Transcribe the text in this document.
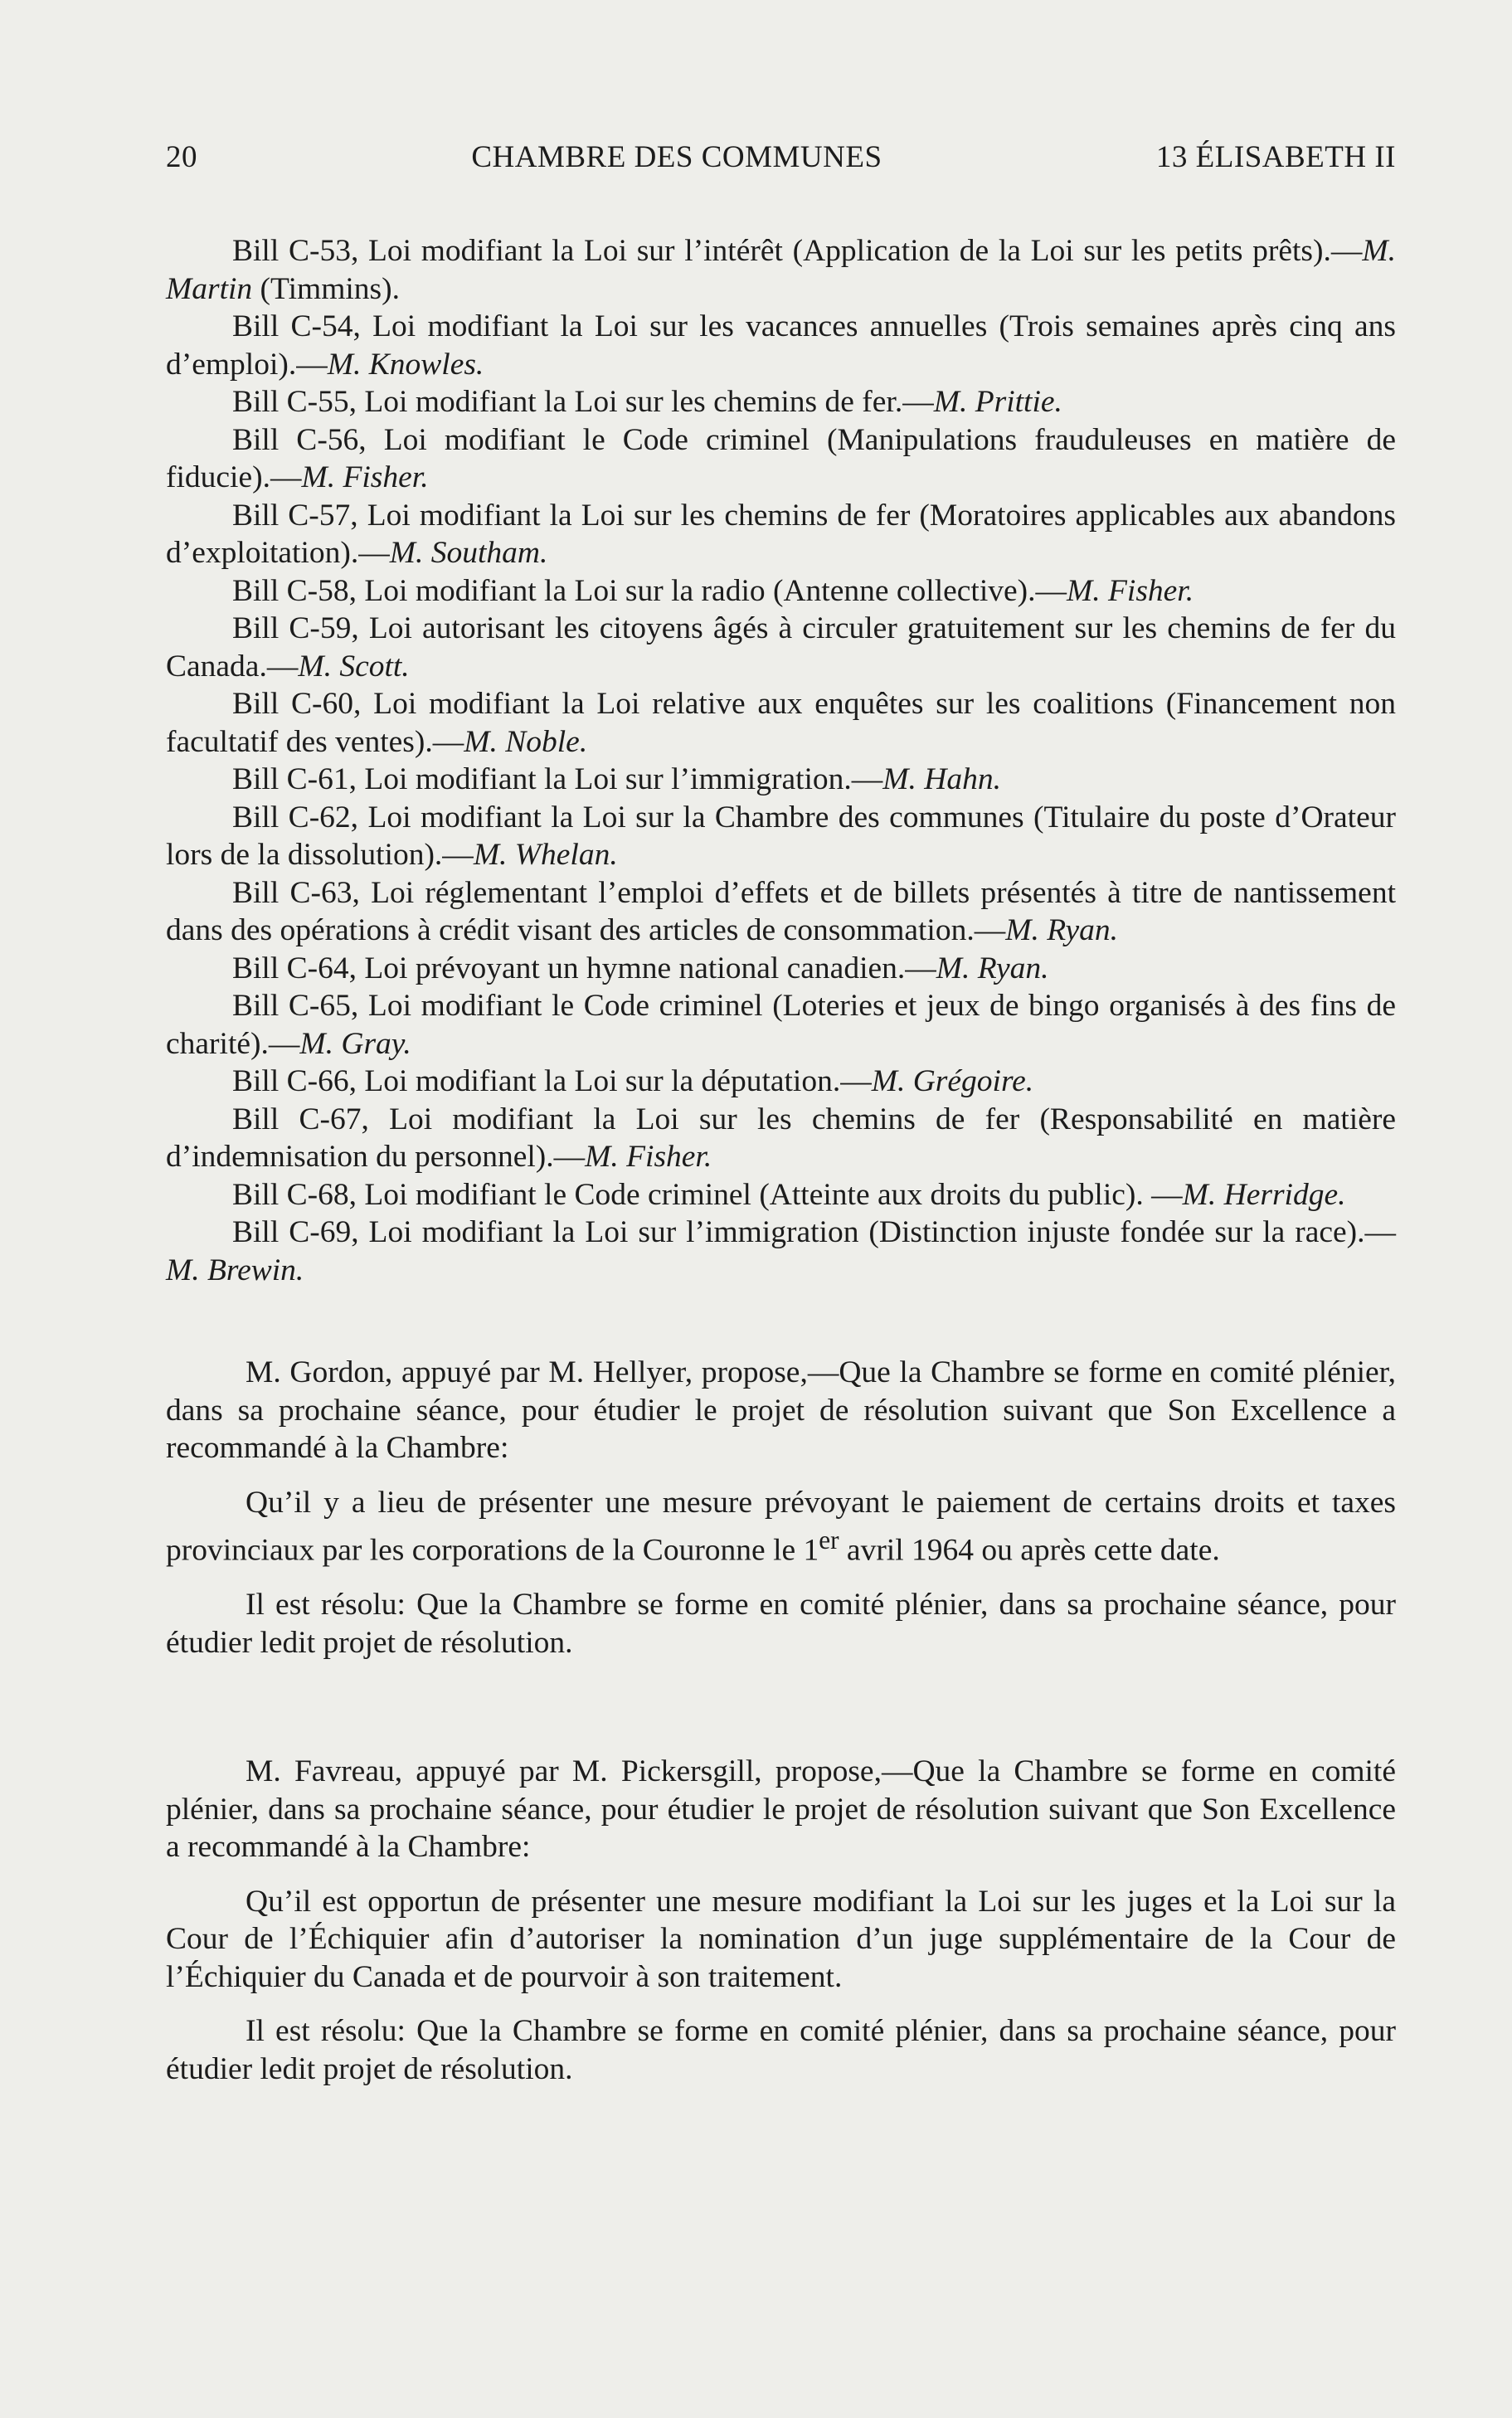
20	CHAMBRE DES COMMUNES	13 ÉLISABETH II

Bill C-53, Loi modifiant la Loi sur l’intérêt (Application de la Loi sur les petits prêts).—M. Martin (Timmins).

Bill C-54, Loi modifiant la Loi sur les vacances annuelles (Trois semaines après cinq ans d’emploi).—M. Knowles.

Bill C-55, Loi modifiant la Loi sur les chemins de fer.—M. Prittie.

Bill C-56, Loi modifiant le Code criminel (Manipulations frauduleuses en matière de fiducie).—M. Fisher.

Bill C-57, Loi modifiant la Loi sur les chemins de fer (Moratoires applicables aux abandons d’exploitation).—M. Southam.

Bill C-58, Loi modifiant la Loi sur la radio (Antenne collective).—M. Fisher.

Bill C-59, Loi autorisant les citoyens âgés à circuler gratuitement sur les chemins de fer du Canada.—M. Scott.

Bill C-60, Loi modifiant la Loi relative aux enquêtes sur les coalitions (Financement non facultatif des ventes).—M. Noble.

Bill C-61, Loi modifiant la Loi sur l’immigration.—M. Hahn.

Bill C-62, Loi modifiant la Loi sur la Chambre des communes (Titulaire du poste d’Orateur lors de la dissolution).—M. Whelan.

Bill C-63, Loi réglementant l’emploi d’effets et de billets présentés à titre de nantissement dans des opérations à crédit visant des articles de consommation.—M. Ryan.

Bill C-64, Loi prévoyant un hymne national canadien.—M. Ryan.

Bill C-65, Loi modifiant le Code criminel (Loteries et jeux de bingo organisés à des fins de charité).—M. Gray.

Bill C-66, Loi modifiant la Loi sur la députation.—M. Grégoire.

Bill C-67, Loi modifiant la Loi sur les chemins de fer (Responsabilité en matière d’indemnisation du personnel).—M. Fisher.

Bill C-68, Loi modifiant le Code criminel (Atteinte aux droits du public). —M. Herridge.

Bill C-69, Loi modifiant la Loi sur l’immigration (Distinction injuste fondée sur la race).—M. Brewin.

M. Gordon, appuyé par M. Hellyer, propose,—Que la Chambre se forme en comité plénier, dans sa prochaine séance, pour étudier le projet de résolution suivant que Son Excellence a recommandé à la Chambre:

Qu’il y a lieu de présenter une mesure prévoyant le paiement de certains droits et taxes provinciaux par les corporations de la Couronne le 1er avril 1964 ou après cette date.

Il est résolu: Que la Chambre se forme en comité plénier, dans sa prochaine séance, pour étudier ledit projet de résolution.

M. Favreau, appuyé par M. Pickersgill, propose,—Que la Chambre se forme en comité plénier, dans sa prochaine séance, pour étudier le projet de résolution suivant que Son Excellence a recommandé à la Chambre:

Qu’il est opportun de présenter une mesure modifiant la Loi sur les juges et la Loi sur la Cour de l’Échiquier afin d’autoriser la nomination d’un juge supplémentaire de la Cour de l’Échiquier du Canada et de pourvoir à son traitement.

Il est résolu: Que la Chambre se forme en comité plénier, dans sa prochaine séance, pour étudier ledit projet de résolution.
